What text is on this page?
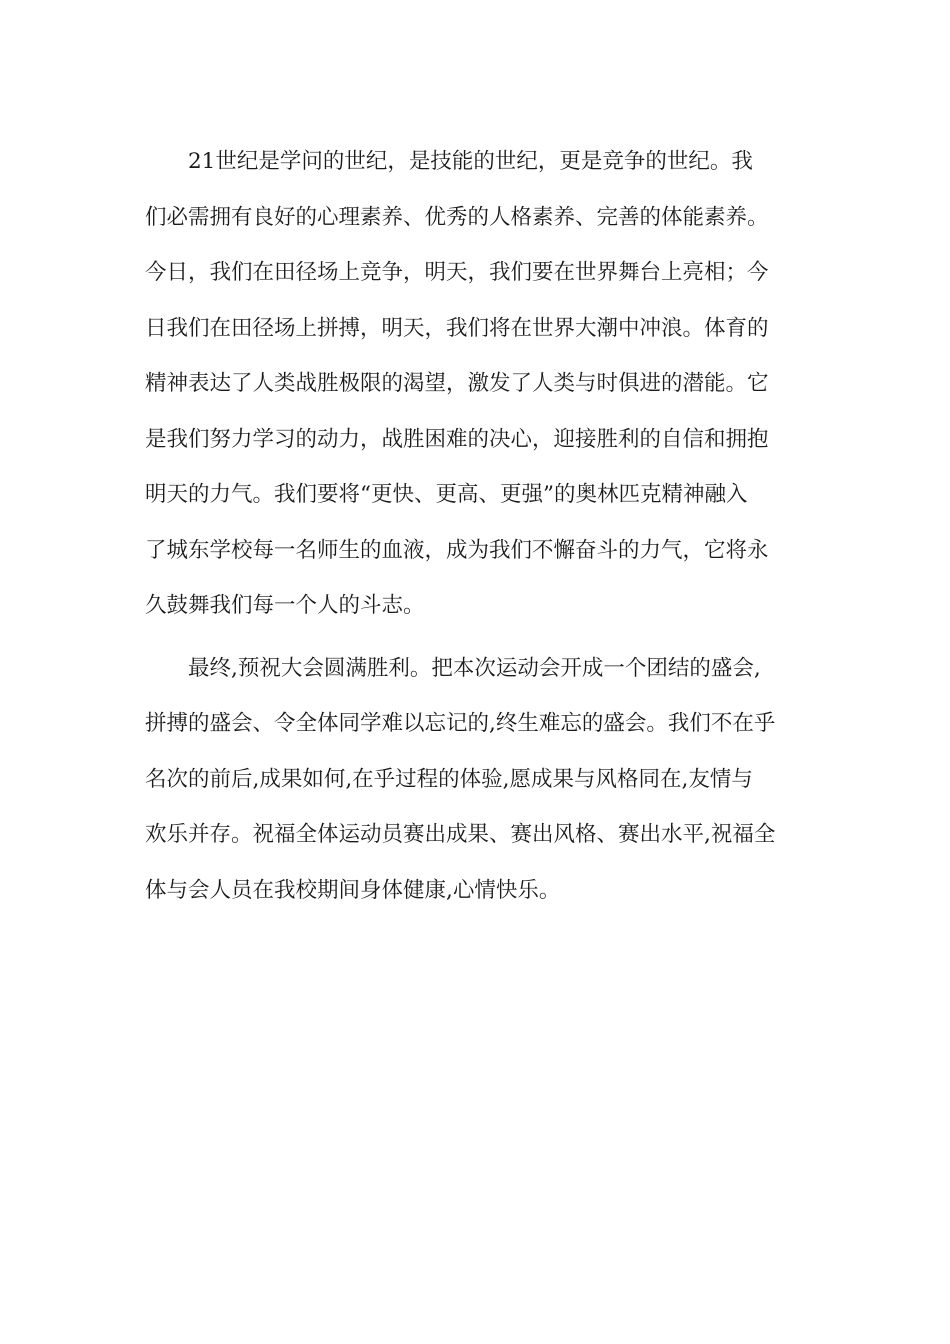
　　21世纪是学问的世纪，是技能的世纪，更是竞争的世纪。我
们必需拥有良好的心理素养、优秀的人格素养、完善的体能素养。
今日，我们在田径场上竞争，明天，我们要在世界舞台上亮相；今
日我们在田径场上拼搏，明天，我们将在世界大潮中冲浪。体育的
精神表达了人类战胜极限的渴望，激发了人类与时俱进的潜能。它
是我们努力学习的动力，战胜困难的决心，迎接胜利的自信和拥抱
明天的力气。我们要将“更快、更高、更强”的奥林匹克精神融入
了城东学校每一名师生的血液，成为我们不懈奋斗的力气，它将永
久鼓舞我们每一个人的斗志。
　　最终,预祝大会圆满胜利。把本次运动会开成一个团结的盛会,
拼搏的盛会、令全体同学难以忘记的,终生难忘的盛会。我们不在乎
名次的前后,成果如何,在乎过程的体验,愿成果与风格同在,友情与
欢乐并存。祝福全体运动员赛出成果、赛出风格、赛出水平,祝福全
体与会人员在我校期间身体健康,心情快乐。
